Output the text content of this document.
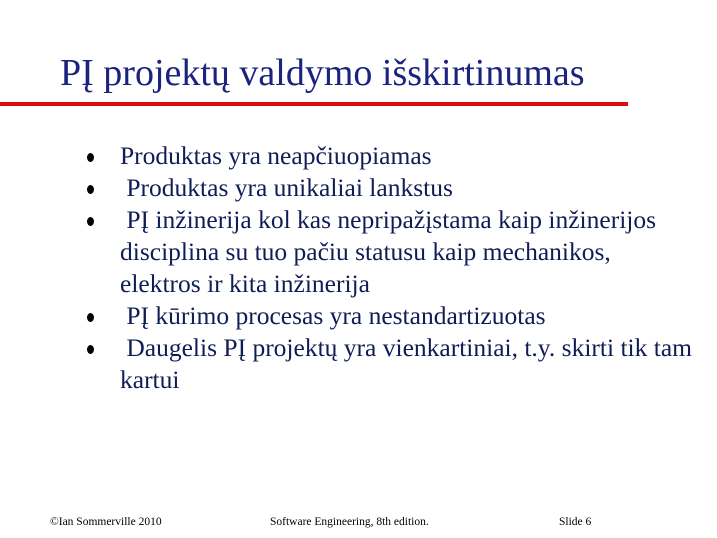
PĮ projektų valdymo išskirtinumas
Produktas yra neapčiuopiamas
Produktas yra unikaliai lankstus
PĮ inžinerija kol kas nepripažįstama kaip inžinerijos disciplina su tuo pačiu statusu kaip mechanikos, elektros ir kita inžinerija
PĮ kūrimo procesas yra nestandartizuotas
Daugelis PĮ projektų yra vienkartiniai, t.y. skirti tik tam kartui
©Ian Sommerville 2010	Software Engineering, 8th edition.	Slide 6
